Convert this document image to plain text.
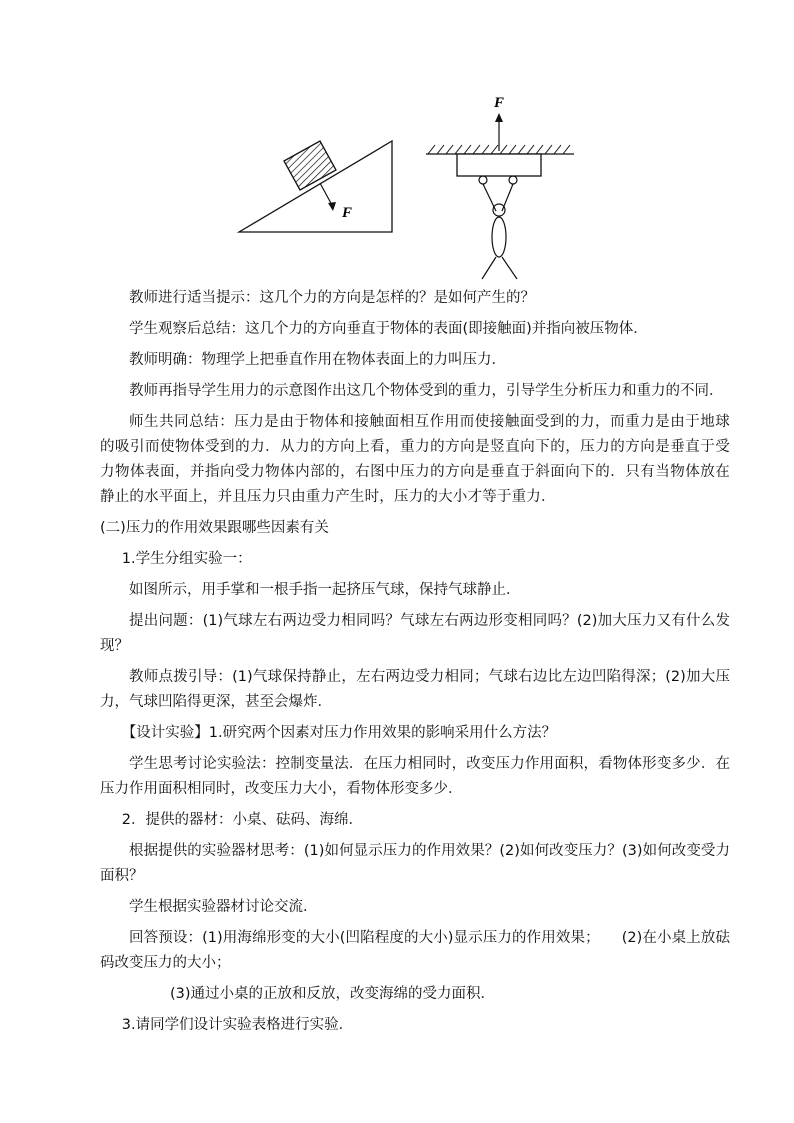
F
F

教师进行适当提示：这几个力的方向是怎样的？是如何产生的？

学生观察后总结：这几个力的方向垂直于物体的表面(即接触面)并指向被压物体．

教师明确：物理学上把垂直作用在物体表面上的力叫压力．

教师再指导学生用力的示意图作出这几个物体受到的重力，引导学生分析压力和重力的不同．

师生共同总结：压力是由于物体和接触面相互作用而使接触面受到的力，而重力是由于地球的吸引而使物体受到的力．从力的方向上看，重力的方向是竖直向下的，压力的方向是垂直于受力物体表面，并指向受力物体内部的，右图中压力的方向是垂直于斜面向下的．只有当物体放在静止的水平面上，并且压力只由重力产生时，压力的大小才等于重力．

(二)压力的作用效果跟哪些因素有关

1.学生分组实验一：

如图所示，用手掌和一根手指一起挤压气球，保持气球静止．

提出问题：(1)气球左右两边受力相同吗？气球左右两边形变相同吗？(2)加大压力又有什么发现？

教师点拨引导：(1)气球保持静止，左右两边受力相同；气球右边比左边凹陷得深；(2)加大压力，气球凹陷得更深，甚至会爆炸．

【设计实验】1.研究两个因素对压力作用效果的影响采用什么方法？

学生思考讨论实验法：控制变量法．在压力相同时，改变压力作用面积，看物体形变多少．在压力作用面积相同时，改变压力大小，看物体形变多少．

2．提供的器材：小桌、砝码、海绵．

根据提供的实验器材思考：(1)如何显示压力的作用效果？(2)如何改变压力？(3)如何改变受力面积？

学生根据实验器材讨论交流．

回答预设：(1)用海绵形变的大小(凹陷程度的大小)显示压力的作用效果；　　(2)在小桌上放砝码改变压力的大小；

(3)通过小桌的正放和反放，改变海绵的受力面积．

3.请同学们设计实验表格进行实验．
